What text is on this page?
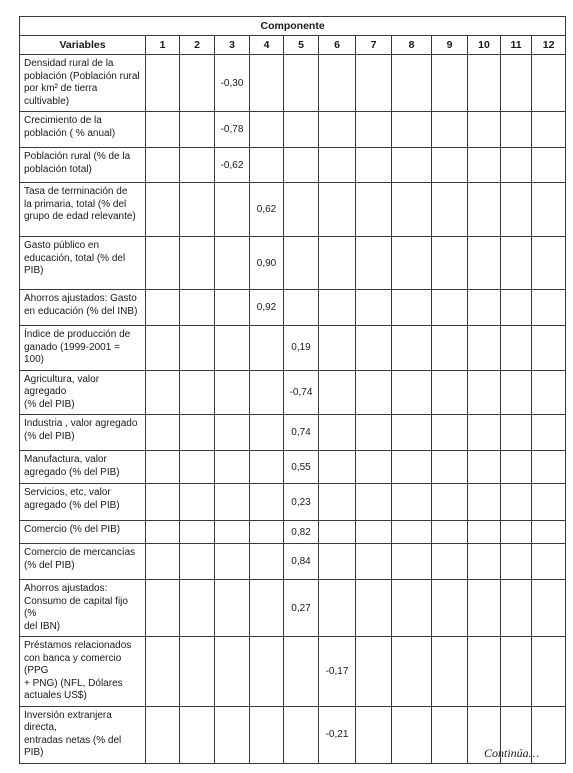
Componente												
Variables	1	2	3	4	5	6	7	8	9	10	11	12
Densidad rural de la
población (Población rural
por km² de tierra cultivable)			-0,30									
Crecimiento de la
población ( % anual)			-0,78									
Población rural (% de la
población total)			-0,62									
Tasa de terminación de
la primaria, total (% del
grupo de edad relevante)				0,62								
Gasto público en
educación, total (% del
PIB)				0,90								
Ahorros ajustados: Gasto
en educación (% del INB)				0,92								
Índice de producción de
ganado (1999-2001 = 100)					0,19							
Agricultura, valor agregado
(% del PIB)					-0,74							
Industria , valor agregado
(% del PIB)					0,74							
Manufactura, valor
agregado (% del PIB)					0,55							
Servicios, etc, valor
agregado (% del PIB)					0,23							
Comercio (% del PIB)					0,82							
Comercio de mercancías
(% del PIB)					0,84							
Ahorros ajustados:
Consumo de capital fijo (%
del IBN)					0,27							
Préstamos relacionados
con banca y comercio (PPG
+ PNG) (NFL, Dólares
actuales US$)						-0,17						
Inversión extranjera directa,
entradas netas (% del PIB)						-0,21						
Continúa…
